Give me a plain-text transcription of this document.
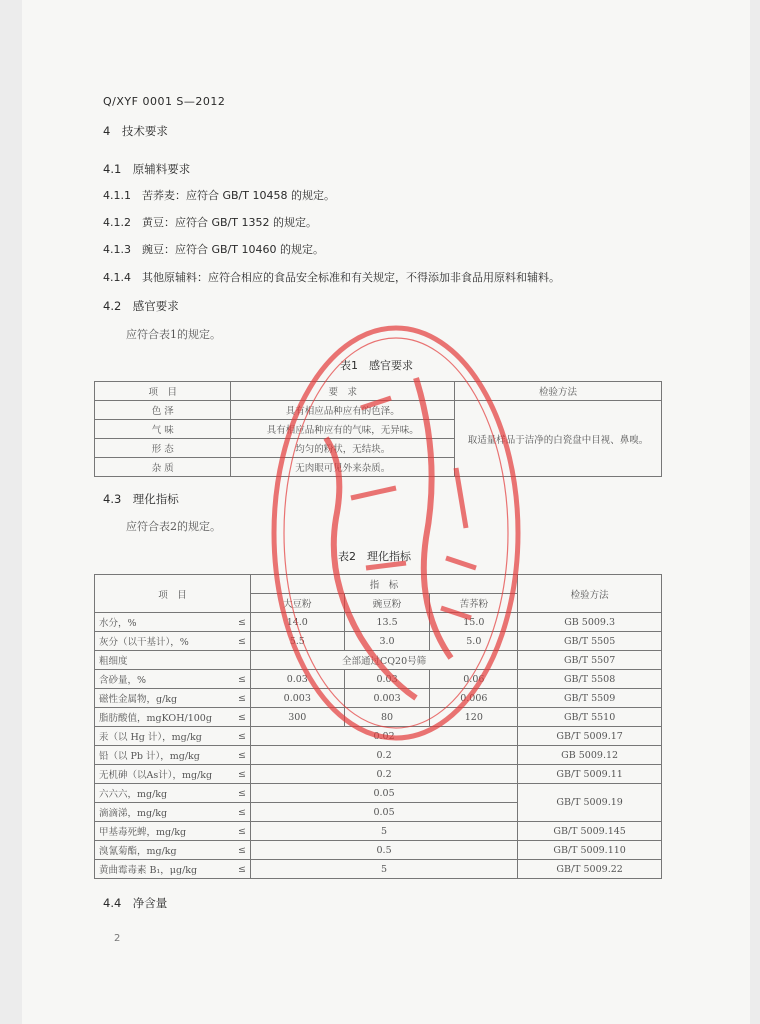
Q/XYF 0001 S—2012
4　技术要求
4.1　原辅料要求
4.1.1　苦荞麦：应符合 GB/T 10458 的规定。
4.1.2　黄豆：应符合 GB/T 1352 的规定。
4.1.3　豌豆：应符合 GB/T 10460 的规定。
4.1.4　其他原辅料：应符合相应的食品安全标准和有关规定，不得添加非食品用原料和辅料。
4.2　感官要求
应符合表1的规定。
表1　感官要求
项　目	要　求	检验方法
色 泽	具有相应品种应有的色泽。	取适量样品于洁净的白瓷盘中目视、鼻嗅。
气 味	具有相应品种应有的气味，无异味。	
形 态	均匀的粉状，无结块。	
杂 质	无肉眼可见外来杂质。	
4.3　理化指标
应符合表2的规定。
表2　理化指标
项　目		指　标			检验方法
		大豆粉	豌豆粉	苦荞粉	
水分，%	≤	14.0	13.5	15.0	GB 5009.3
灰分（以干基计），%	≤	5.5	3.0	5.0	GB/T 5505
粗细度		全部通过CQ20号筛			GB/T 5507
含砂量，%	≤	0.03	0.03	0.06	GB/T 5508
磁性金属物，g/kg	≤	0.003	0.003	0.006	GB/T 5509
脂肪酸值，mgKOH/100g	≤	300	80	120	GB/T 5510
汞（以 Hg 计），mg/kg	≤	0.02			GB/T 5009.17
铅（以 Pb 计），mg/kg	≤	0.2			GB 5009.12
无机砷（以As计），mg/kg	≤	0.2			GB/T 5009.11
六六六，mg/kg	≤	0.05			GB/T 5009.19
滴滴涕，mg/kg	≤	0.05			
甲基毒死蜱，mg/kg	≤	5			GB/T 5009.145
溴氰菊酯，mg/kg	≤	0.5			GB/T 5009.110
黄曲霉毒素 B₁，μg/kg	≤	5			GB/T 5009.22
4.4　净含量
2
